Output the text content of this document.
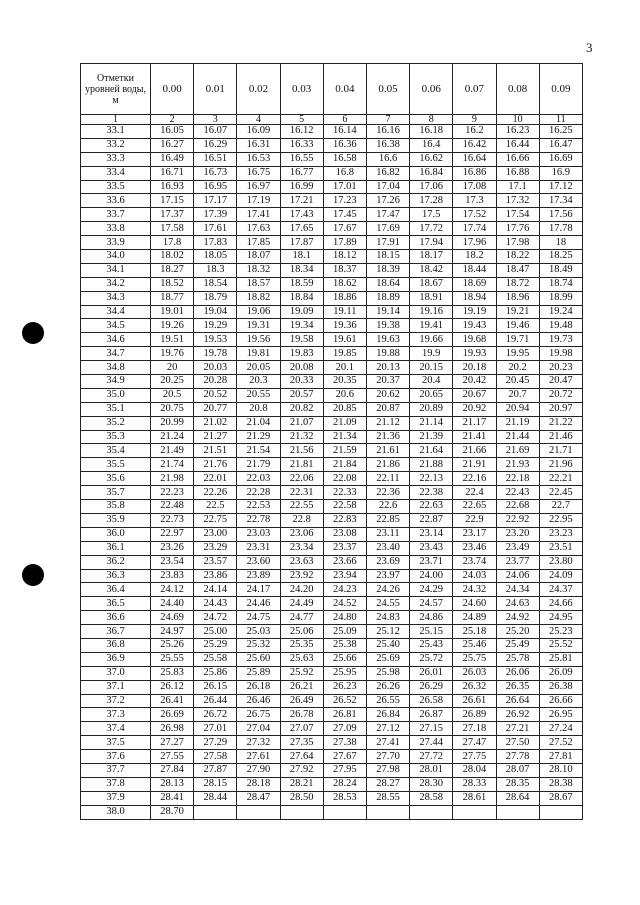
3
Отметки уровней воды, м	0.00	0.01	0.02	0.03	0.04	0.05	0.06	0.07	0.08	0.09
1	2	3	4	5	6	7	8	9	10	11
33.1	16.05	16.07	16.09	16.12	16.14	16.16	16.18	16.2	16.23	16.25
33.2	16.27	16.29	16.31	16.33	16.36	16.38	16.4	16.42	16.44	16.47
33.3	16.49	16.51	16.53	16.55	16.58	16.6	16.62	16.64	16.66	16.69
33.4	16.71	16.73	16.75	16.77	16.8	16.82	16.84	16.86	16.88	16.9
33.5	16.93	16.95	16.97	16.99	17.01	17.04	17.06	17.08	17.1	17.12
33.6	17.15	17.17	17.19	17.21	17.23	17.26	17.28	17.3	17.32	17.34
33.7	17.37	17.39	17.41	17.43	17.45	17.47	17.5	17.52	17.54	17.56
33.8	17.58	17.61	17.63	17.65	17.67	17.69	17.72	17.74	17.76	17.78
33.9	17.8	17.83	17.85	17.87	17.89	17.91	17.94	17.96	17.98	18
34.0	18.02	18.05	18.07	18.1	18.12	18.15	18.17	18.2	18.22	18.25
34.1	18.27	18.3	18.32	18.34	18.37	18.39	18.42	18.44	18.47	18.49
34.2	18.52	18.54	18.57	18.59	18.62	18.64	18.67	18.69	18.72	18.74
34.3	18.77	18.79	18.82	18.84	18.86	18.89	18.91	18.94	18.96	18.99
34.4	19.01	19.04	19.06	19.09	19.11	19.14	19.16	19.19	19.21	19.24
34.5	19.26	19.29	19.31	19.34	19.36	19.38	19.41	19.43	19.46	19.48
34.6	19.51	19.53	19.56	19.58	19.61	19.63	19.66	19.68	19.71	19.73
34.7	19.76	19.78	19.81	19.83	19.85	19.88	19.9	19.93	19.95	19.98
34.8	20	20.03	20.05	20.08	20.1	20.13	20.15	20.18	20.2	20.23
34.9	20.25	20.28	20.3	20.33	20.35	20.37	20.4	20.42	20.45	20.47
35.0	20.5	20.52	20.55	20.57	20.6	20.62	20.65	20.67	20.7	20.72
35.1	20.75	20.77	20.8	20.82	20.85	20.87	20.89	20.92	20.94	20.97
35.2	20.99	21.02	21.04	21.07	21.09	21.12	21.14	21.17	21.19	21.22
35.3	21.24	21.27	21.29	21.32	21.34	21.36	21.39	21.41	21.44	21.46
35.4	21.49	21.51	21.54	21.56	21.59	21.61	21.64	21.66	21.69	21.71
35.5	21.74	21.76	21.79	21.81	21.84	21.86	21.88	21.91	21.93	21.96
35.6	21.98	22.01	22.03	22.06	22.08	22.11	22.13	22.16	22.18	22.21
35.7	22.23	22.26	22.28	22.31	22.33	22.36	22.38	22.4	22.43	22.45
35.8	22.48	22.5	22.53	22.55	22.58	22.6	22.63	22.65	22.68	22.7
35.9	22.73	22.75	22.78	22.8	22.83	22.85	22.87	22.9	22.92	22.95
36.0	22.97	23.00	23.03	23.06	23.08	23.11	23.14	23.17	23.20	23.23
36.1	23.26	23.29	23.31	23.34	23.37	23.40	23.43	23.46	23.49	23.51
36.2	23.54	23.57	23.60	23.63	23.66	23.69	23.71	23.74	23.77	23.80
36.3	23.83	23.86	23.89	23.92	23.94	23.97	24.00	24.03	24.06	24.09
36.4	24.12	24.14	24.17	24.20	24.23	24.26	24.29	24.32	24.34	24.37
36.5	24.40	24.43	24.46	24.49	24.52	24.55	24.57	24.60	24.63	24.66
36.6	24.69	24.72	24.75	24.77	24.80	24.83	24.86	24.89	24.92	24.95
36.7	24.97	25.00	25.03	25.06	25.09	25.12	25.15	25.18	25.20	25.23
36.8	25.26	25.29	25.32	25.35	25.38	25.40	25.43	25.46	25.49	25.52
36.9	25.55	25.58	25.60	25.63	25.66	25.69	25.72	25.75	25.78	25.81
37.0	25.83	25.86	25.89	25.92	25.95	25.98	26.01	26.03	26.06	26.09
37.1	26.12	26.15	26.18	26.21	26.23	26.26	26.29	26.32	26.35	26.38
37.2	26.41	26.44	26.46	26.49	26.52	26.55	26.58	26.61	26.64	26.66
37.3	26.69	26.72	26.75	26.78	26.81	26.84	26.87	26.89	26.92	26.95
37.4	26.98	27.01	27.04	27.07	27.09	27.12	27.15	27.18	27.21	27.24
37.5	27.27	27.29	27.32	27.35	27.38	27.41	27.44	27.47	27.50	27.52
37.6	27.55	27.58	27.61	27.64	27.67	27.70	27.72	27.75	27.78	27.81
37.7	27.84	27.87	27.90	27.92	27.95	27.98	28.01	28.04	28.07	28.10
37.8	28.13	28.15	28.18	28.21	28.24	28.27	28.30	28.33	28.35	28.38
37.9	28.41	28.44	28.47	28.50	28.53	28.55	28.58	28.61	28.64	28.67
38.0	28.70									
